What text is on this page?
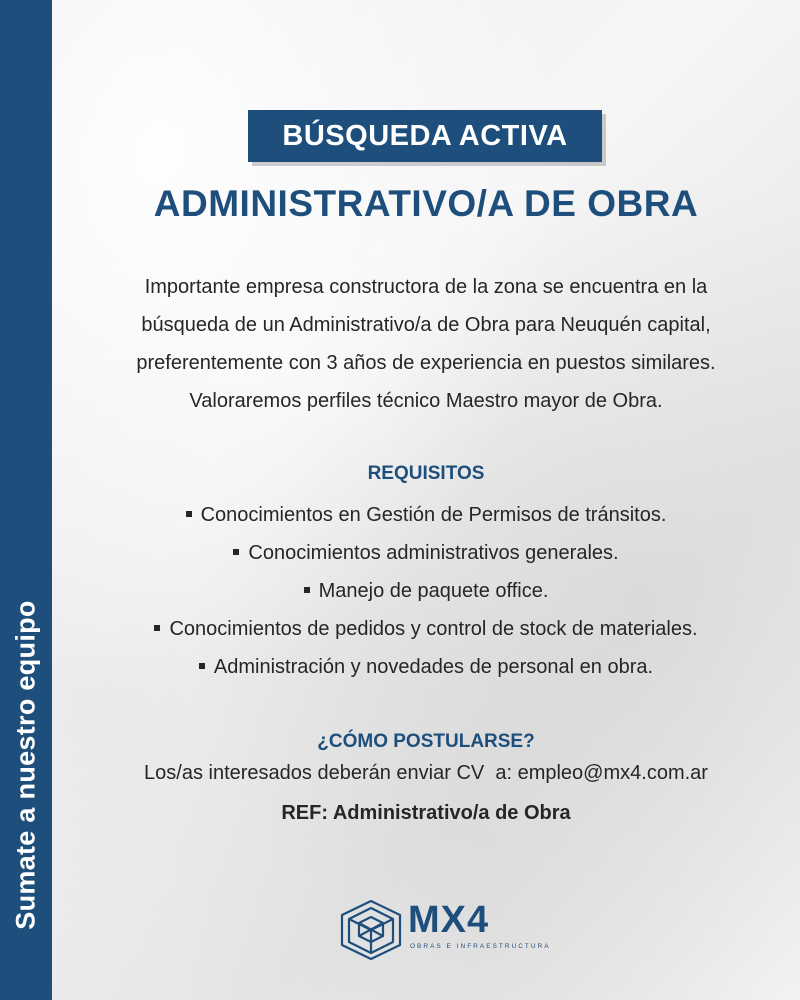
Sumate a nuestro equipo
BÚSQUEDA ACTIVA
ADMINISTRATIVO/A DE OBRA
Importante empresa constructora de la zona se encuentra en la
búsqueda de un Administrativo/a de Obra para Neuquén capital,
preferentemente con 3 años de experiencia en puestos similares.
Valoraremos perfiles técnico Maestro mayor de Obra.
REQUISITOS
Conocimientos en Gestión de Permisos de tránsitos.
Conocimientos administrativos generales.
Manejo de paquete office.
Conocimientos de pedidos y control de stock de materiales.
Administración y novedades de personal en obra.
¿CÓMO POSTULARSE?
Los/as interesados deberán enviar CV  a: empleo@mx4.com.ar
REF: Administrativo/a de Obra
MX4
OBRAS E INFRAESTRUCTURA
